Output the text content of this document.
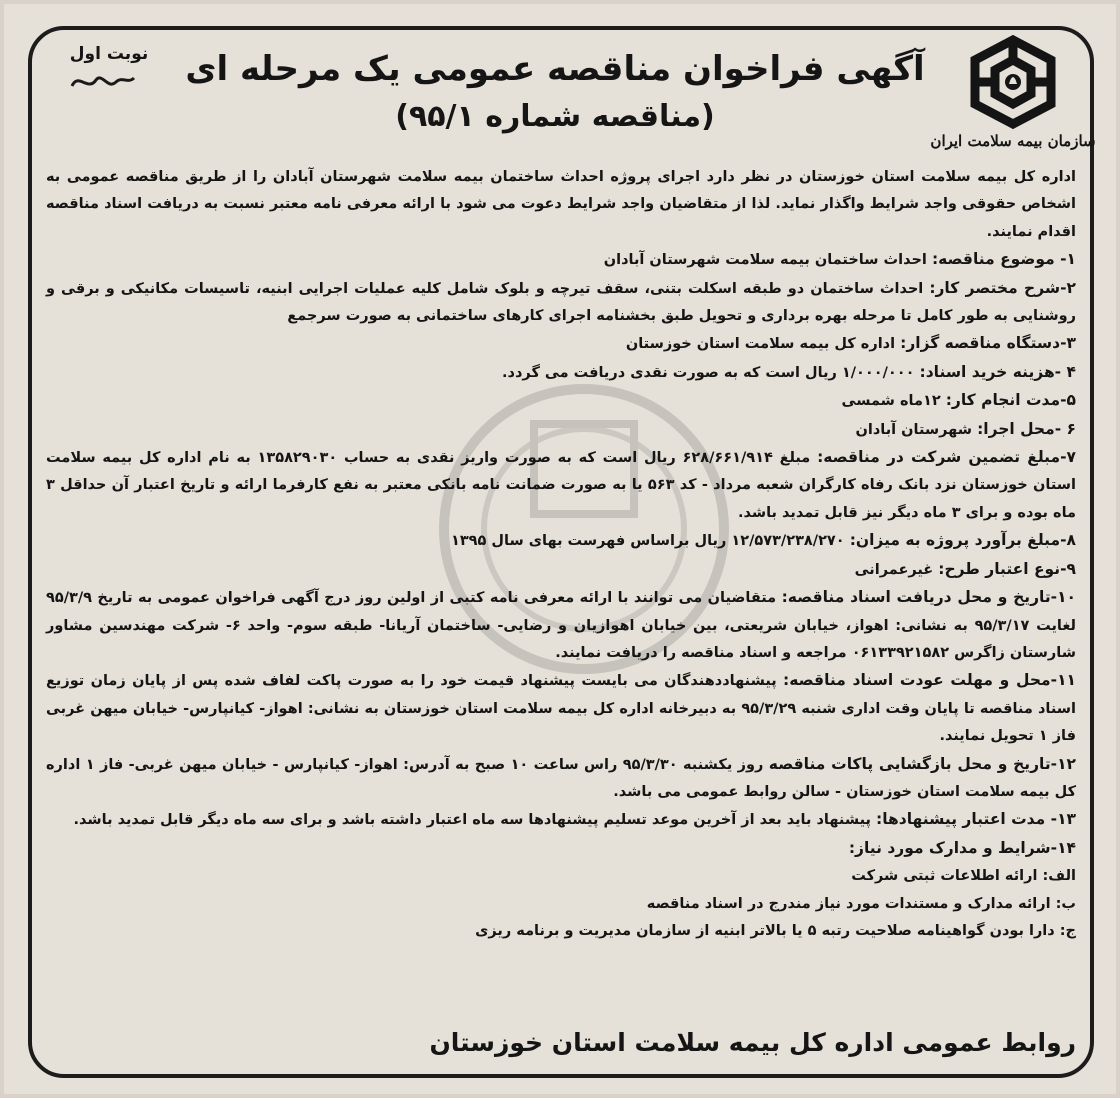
سازمان بیمه سلامت ایران
نوبت اول	آگهی فراخوان مناقصه عمومی یک مرحله ای
(مناقصه شماره ۹۵/۱)

اداره کل بیمه سلامت استان خوزستان در نظر دارد اجرای پروژه احداث ساختمان بیمه سلامت شهرستان آبادان را از طریق مناقصه عمومی به اشخاص حقوقی واجد شرایط واگذار نماید. لذا از متقاضیان واجد شرایط دعوت می شود با ارائه معرفی نامه معتبر نسبت به دریافت اسناد مناقصه اقدام نمایند.

۱- موضوع مناقصه: احداث ساختمان بیمه سلامت شهرستان آبادان

۲-شرح مختصر کار: احداث ساختمان دو طبقه اسکلت بتنی، سقف تیرچه و بلوک شامل کلیه عملیات اجرایی ابنیه، تاسیسات مکانیکی و برقی و روشنایی به طور کامل تا مرحله بهره برداری و تحویل طبق بخشنامه اجرای کارهای ساختمانی به صورت سرجمع

۳-دستگاه مناقصه گزار: اداره کل بیمه سلامت استان خوزستان

۴ -هزینه خرید اسناد: ۱/۰۰۰/۰۰۰ ریال است که به صورت نقدی دریافت می گردد.

۵-مدت انجام کار: ۱۲ماه شمسی

۶ -محل اجرا: شهرستان آبادان

۷-مبلغ تضمین شرکت در مناقصه: مبلغ ۶۲۸/۶۶۱/۹۱۴ ریال است که به صورت واریز نقدی به حساب ۱۳۵۸۲۹۰۳۰ به نام اداره کل بیمه سلامت استان خوزستان نزد بانک رفاه کارگران شعبه مرداد - کد ۵۶۳ یا به صورت ضمانت نامه بانکی معتبر به نفع کارفرما ارائه و تاریخ اعتبار آن حداقل ۳ ماه بوده و برای ۳ ماه دیگر نیز قابل تمدید باشد.

۸-مبلغ برآورد پروژه به میزان: ۱۲/۵۷۳/۲۳۸/۲۷۰ ریال براساس فهرست بهای سال ۱۳۹۵

۹-نوع اعتبار طرح: غیرعمرانی

۱۰-تاریخ و محل دریافت اسناد مناقصه: متقاضیان می توانند با ارائه معرفی نامه کتبی از اولین روز درج آگهی فراخوان عمومی به تاریخ ۹۵/۳/۹ لغایت ۹۵/۳/۱۷ به نشانی: اهواز، خیابان شریعتی، بین خیابان اهوازیان و رضایی- ساختمان آریانا- طبقه سوم- واحد ۶- شرکت مهندسین مشاور شارستان زاگرس ۰۶۱۳۳۹۲۱۵۸۲ مراجعه و اسناد مناقصه را دریافت نمایند.

۱۱-محل و مهلت عودت اسناد مناقصه: پیشنهاددهندگان می بایست پیشنهاد قیمت خود را به صورت پاکت لفاف شده پس از پایان زمان توزیع اسناد مناقصه تا پایان وقت اداری شنبه ۹۵/۳/۲۹ به دبیرخانه اداره کل بیمه سلامت استان خوزستان به نشانی: اهواز- کیانپارس- خیابان میهن غربی فاز ۱ تحویل نمایند.

۱۲-تاریخ و محل بازگشایی پاکات مناقصه روز یکشنبه ۹۵/۳/۳۰ راس ساعت ۱۰ صبح به آدرس: اهواز- کیانپارس - خیابان میهن غربی- فاز ۱ اداره کل بیمه سلامت استان خوزستان - سالن روابط عمومی می باشد.

۱۳- مدت اعتبار پیشنهادها: پیشنهاد باید بعد از آخرین موعد تسلیم پیشنهادها سه ماه اعتبار داشته باشد و برای سه ماه دیگر قابل تمدید باشد.

۱۴-شرایط و مدارک مورد نیاز:

الف: ارائه اطلاعات ثبتی شرکت

ب: ارائه مدارک و مستندات مورد نیاز مندرج در اسناد مناقصه

ج: دارا بودن گواهینامه صلاحیت رتبه ۵ یا بالاتر ابنیه از سازمان مدیریت و برنامه ریزی

روابط عمومی اداره کل بیمه سلامت استان خوزستان
